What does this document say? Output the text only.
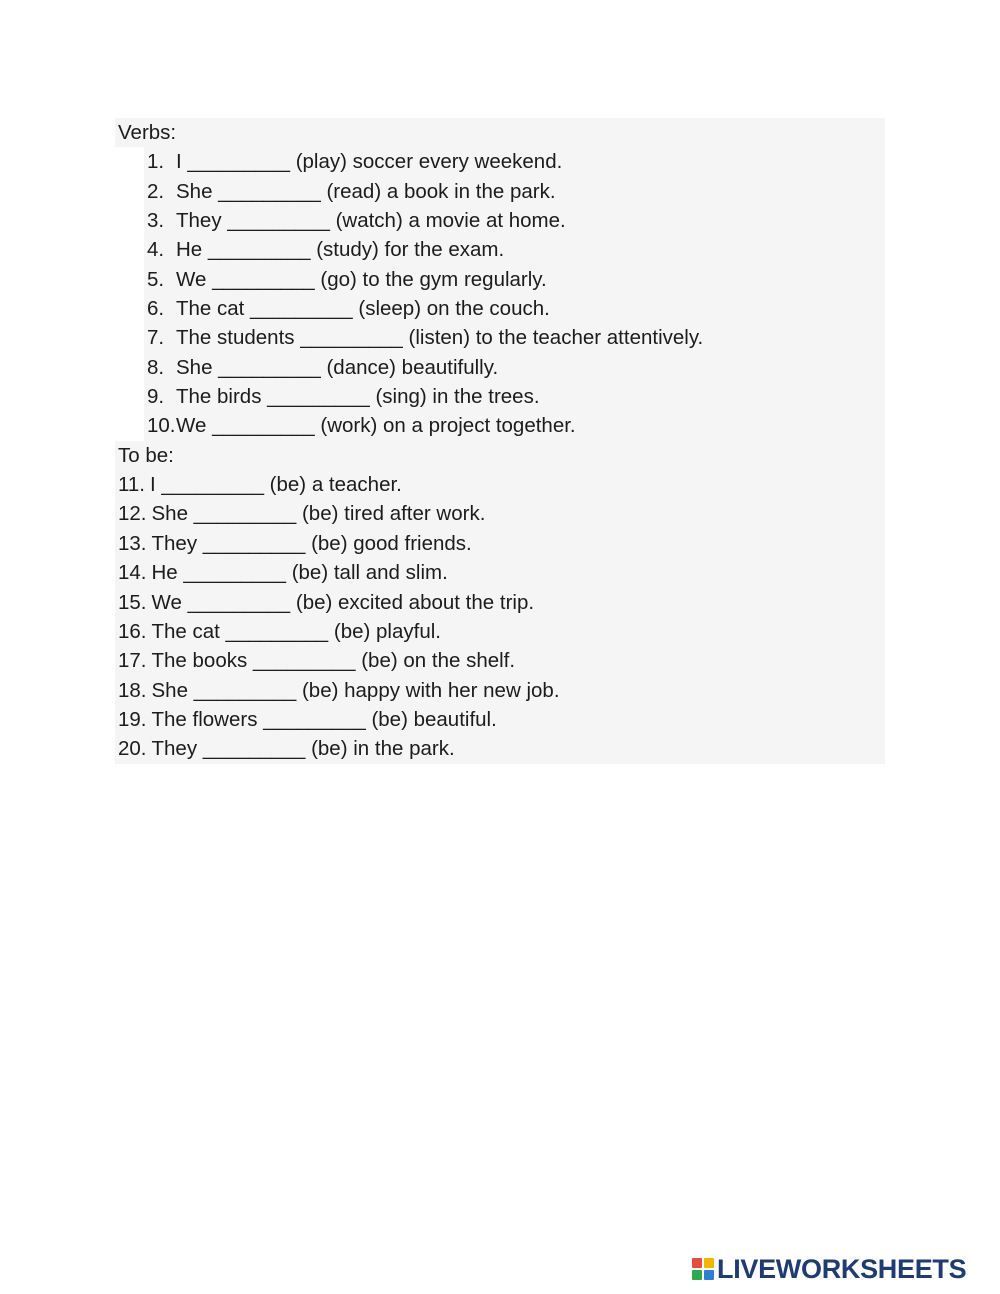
Verbs:
1. I _________ (play) soccer every weekend.
2. She _________ (read) a book in the park.
3. They _________ (watch) a movie at home.
4. He _________ (study) for the exam.
5. We _________ (go) to the gym regularly.
6. The cat _________ (sleep) on the couch.
7. The students _________ (listen) to the teacher attentively.
8. She _________ (dance) beautifully.
9. The birds _________ (sing) in the trees.
10. We _________ (work) on a project together.
To be:
11. I _________ (be) a teacher.
12. She _________ (be) tired after work.
13. They _________ (be) good friends.
14. He _________ (be) tall and slim.
15. We _________ (be) excited about the trip.
16. The cat _________ (be) playful.
17. The books _________ (be) on the shelf.
18. She _________ (be) happy with her new job.
19. The flowers _________ (be) beautiful.
20. They _________ (be) in the park.
LIVEWORKSHEETS
